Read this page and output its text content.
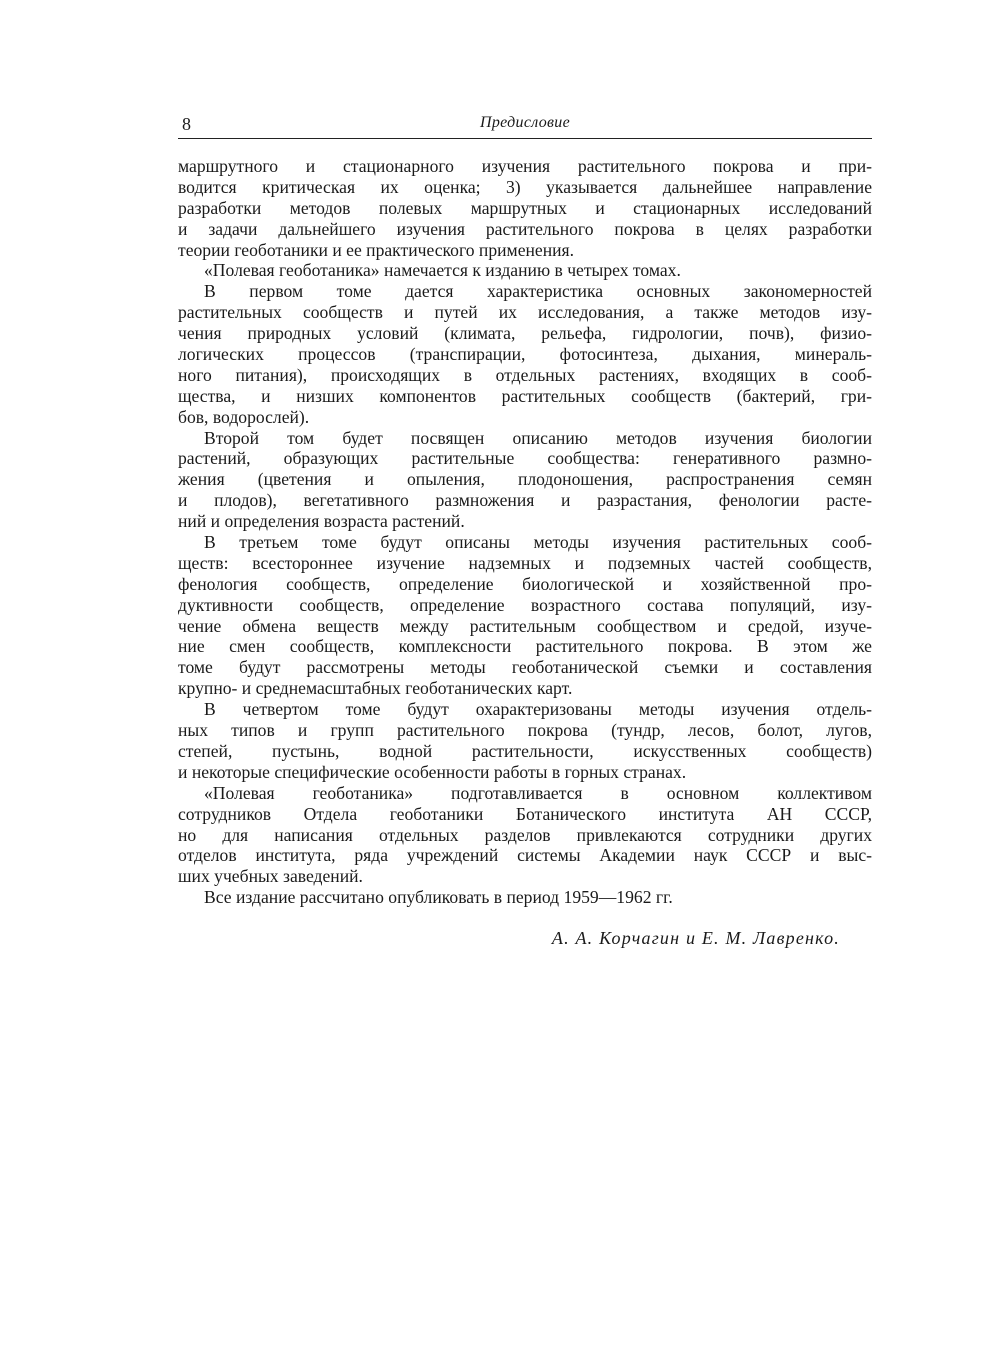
8	Предисловие
маршрутного и стационарного изучения растительного покрова и при-
водится критическая их оценка; 3) указывается дальнейшее направление
разработки методов полевых маршрутных и стационарных исследований
и задачи дальнейшего изучения растительного покрова в целях разработки
теории геоботаники и ее практического применения.
«Полевая геоботаника» намечается к изданию в четырех томах.
В первом томе дается характеристика основных закономерностей
растительных сообществ и путей их исследования, а также методов изу-
чения природных условий (климата, рельефа, гидрологии, почв), физио-
логических процессов (транспирации, фотосинтеза, дыхания, минераль-
ного питания), происходящих в отдельных растениях, входящих в сооб-
щества, и низших компонентов растительных сообществ (бактерий, гри-
бов, водорослей).
Второй том будет посвящен описанию методов изучения биологии
растений, образующих растительные сообщества: генеративного размно-
жения (цветения и опыления, плодоношения, распространения семян
и плодов), вегетативного размножения и разрастания, фенологии расте-
ний и определения возраста растений.
В третьем томе будут описаны методы изучения растительных сооб-
ществ: всестороннее изучение надземных и подземных частей сообществ,
фенология сообществ, определение биологической и хозяйственной про-
дуктивности сообществ, определение возрастного состава популяций, изу-
чение обмена веществ между растительным сообществом и средой, изуче-
ние смен сообществ, комплексности растительного покрова. В этом же
томе будут рассмотрены методы геоботанической съемки и составления
крупно- и среднемасштабных геоботанических карт.
В четвертом томе будут охарактеризованы методы изучения отдель-
ных типов и групп растительного покрова (тундр, лесов, болот, лугов,
степей, пустынь, водной растительности, искусственных сообществ)
и некоторые специфические особенности работы в горных странах.
«Полевая геоботаника» подготавливается в основном коллективом
сотрудников Отдела геоботаники Ботанического института АН СССР,
но для написания отдельных разделов привлекаются сотрудники других
отделов института, ряда учреждений системы Академии наук СССР и выс-
ших учебных заведений.
Все издание рассчитано опубликовать в период 1959—1962 гг.
А. А. Корчагин и Е. М. Лавренко.
